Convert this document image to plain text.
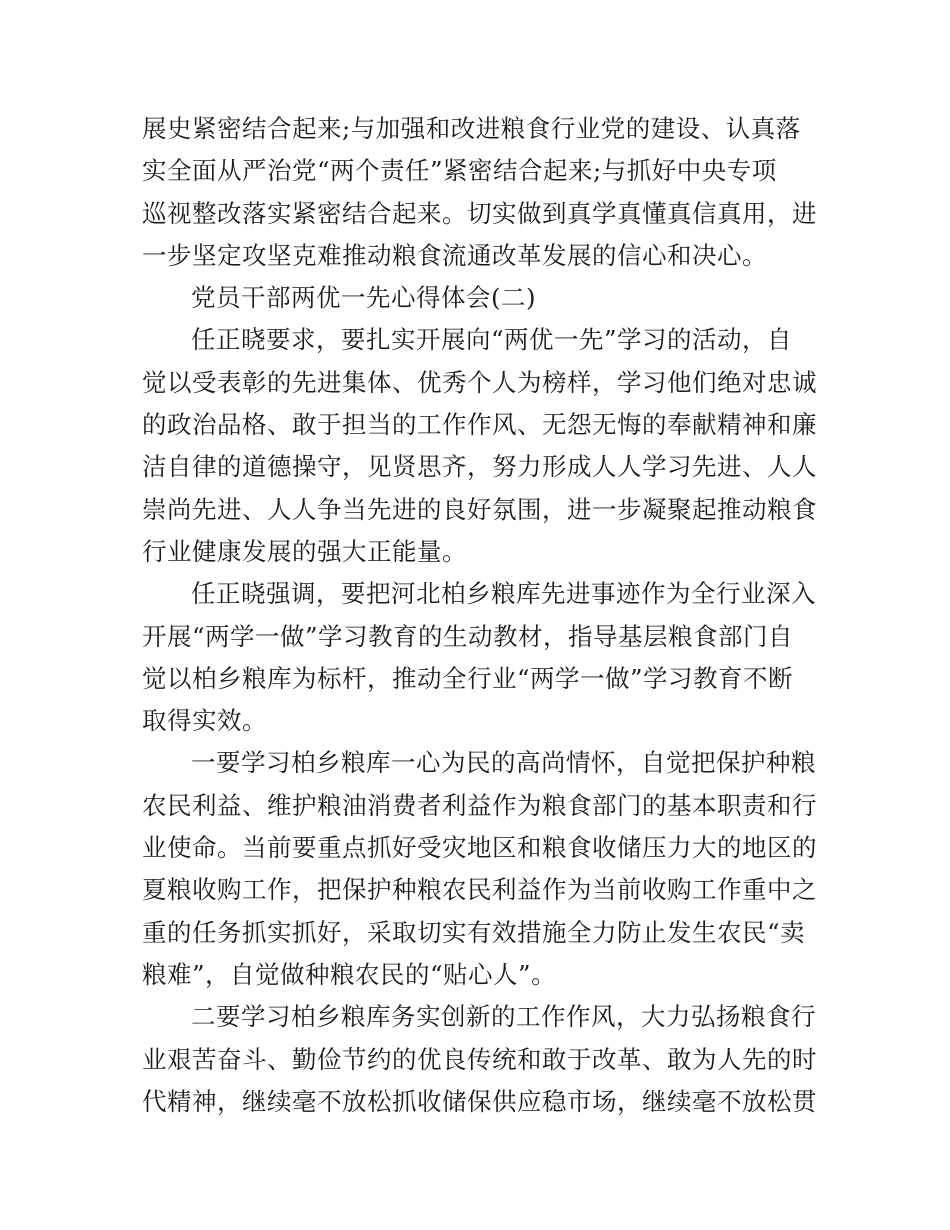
展史紧密结合起来;与加强和改进粮食行业党的建设、认真落
实全面从严治党“两个责任”紧密结合起来;与抓好中央专项
巡视整改落实紧密结合起来。切实做到真学真懂真信真用，进
一步坚定攻坚克难推动粮食流通改革发展的信心和决心。
党员干部两优一先心得体会(二)
任正晓要求，要扎实开展向“两优一先”学习的活动，自
觉以受表彰的先进集体、优秀个人为榜样，学习他们绝对忠诚
的政治品格、敢于担当的工作作风、无怨无悔的奉献精神和廉
洁自律的道德操守，见贤思齐，努力形成人人学习先进、人人
崇尚先进、人人争当先进的良好氛围，进一步凝聚起推动粮食
行业健康发展的强大正能量。
任正晓强调，要把河北柏乡粮库先进事迹作为全行业深入
开展“两学一做”学习教育的生动教材，指导基层粮食部门自
觉以柏乡粮库为标杆，推动全行业“两学一做”学习教育不断
取得实效。
一要学习柏乡粮库一心为民的高尚情怀，自觉把保护种粮
农民利益、维护粮油消费者利益作为粮食部门的基本职责和行
业使命。当前要重点抓好受灾地区和粮食收储压力大的地区的
夏粮收购工作，把保护种粮农民利益作为当前收购工作重中之
重的任务抓实抓好，采取切实有效措施全力防止发生农民“卖
粮难”，自觉做种粮农民的“贴心人”。
二要学习柏乡粮库务实创新的工作作风，大力弘扬粮食行
业艰苦奋斗、勤俭节约的优良传统和敢于改革、敢为人先的时
代精神，继续毫不放松抓收储保供应稳市场，继续毫不放松贯
